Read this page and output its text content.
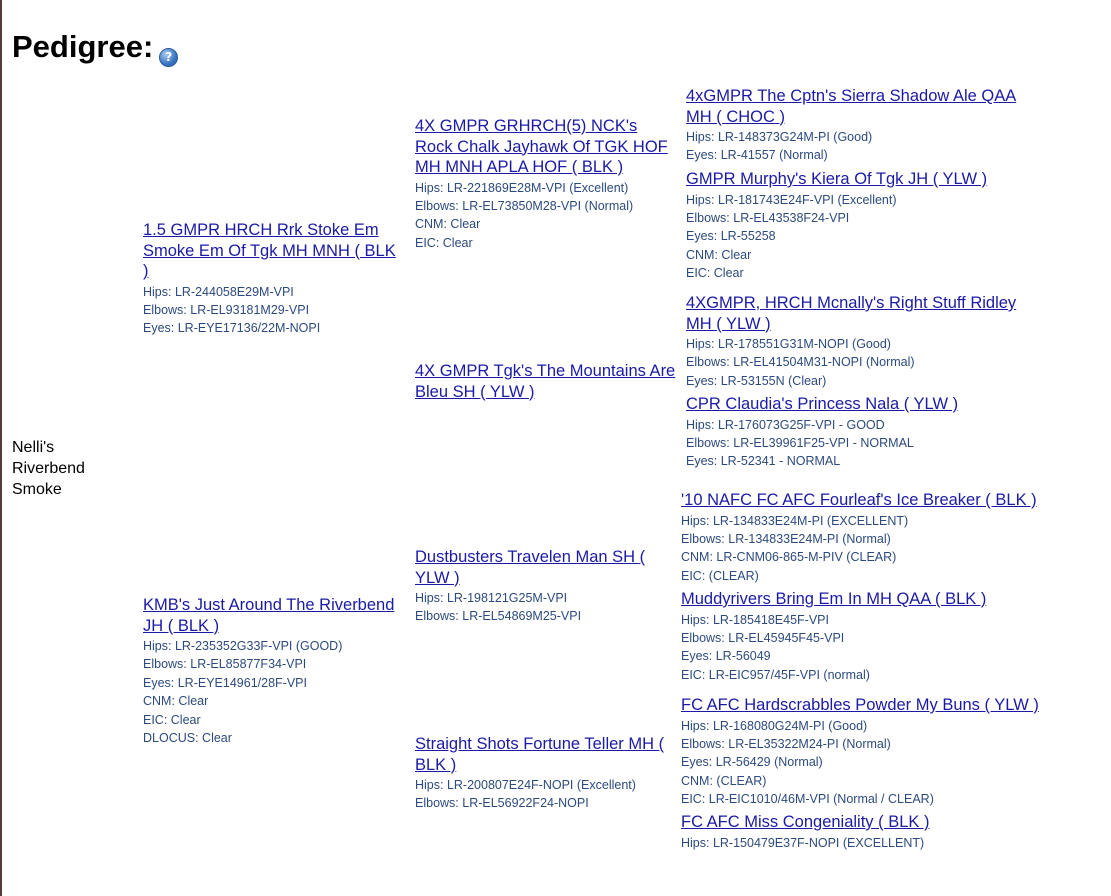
Pedigree: ?
Nelli's Riverbend Smoke
1.5 GMPR HRCH Rrk Stoke Em Smoke Em Of Tgk MH MNH ( BLK )
Hips: LR-244058E29M-VPI
Elbows: LR-EL93181M29-VPI
Eyes: LR-EYE17136/22M-NOPI
KMB's Just Around The Riverbend JH ( BLK )
Hips: LR-235352G33F-VPI (GOOD)
Elbows: LR-EL85877F34-VPI
Eyes: LR-EYE14961/28F-VPI
CNM: Clear
EIC: Clear
DLOCUS: Clear
4X GMPR GRHRCH(5) NCK's Rock Chalk Jayhawk Of TGK HOF MH MNH APLA HOF ( BLK )
Hips: LR-221869E28M-VPI (Excellent)
Elbows: LR-EL73850M28-VPI (Normal)
CNM: Clear
EIC: Clear
4X GMPR Tgk's The Mountains Are Bleu SH ( YLW )
Dustbusters Travelen Man SH ( YLW )
Hips: LR-198121G25M-VPI
Elbows: LR-EL54869M25-VPI
Straight Shots Fortune Teller MH ( BLK )
Hips: LR-200807E24F-NOPI (Excellent)
Elbows: LR-EL56922F24-NOPI
4xGMPR The Cptn's Sierra Shadow Ale QAA MH ( CHOC )
Hips: LR-148373G24M-PI (Good)
Eyes: LR-41557 (Normal)
GMPR Murphy's Kiera Of Tgk JH ( YLW )
Hips: LR-181743E24F-VPI (Excellent)
Elbows: LR-EL43538F24-VPI
Eyes: LR-55258
CNM: Clear
EIC: Clear
4XGMPR, HRCH Mcnally's Right Stuff Ridley MH ( YLW )
Hips: LR-178551G31M-NOPI (Good)
Elbows: LR-EL41504M31-NOPI (Normal)
Eyes: LR-53155N (Clear)
CPR Claudia's Princess Nala ( YLW )
Hips: LR-176073G25F-VPI - GOOD
Elbows: LR-EL39961F25-VPI - NORMAL
Eyes: LR-52341 - NORMAL
'10 NAFC FC AFC Fourleaf's Ice Breaker ( BLK )
Hips: LR-134833E24M-PI (EXCELLENT)
Elbows: LR-134833E24M-PI (Normal)
CNM: LR-CNM06-865-M-PIV (CLEAR)
EIC: (CLEAR)
Muddyrivers Bring Em In MH QAA ( BLK )
Hips: LR-185418E45F-VPI
Elbows: LR-EL45945F45-VPI
Eyes: LR-56049
EIC: LR-EIC957/45F-VPI (normal)
FC AFC Hardscrabbles Powder My Buns ( YLW )
Hips: LR-168080G24M-PI (Good)
Elbows: LR-EL35322M24-PI (Normal)
Eyes: LR-56429 (Normal)
CNM: (CLEAR)
EIC: LR-EIC1010/46M-VPI (Normal / CLEAR)
FC AFC Miss Congeniality ( BLK )
Hips: LR-150479E37F-NOPI (EXCELLENT)
